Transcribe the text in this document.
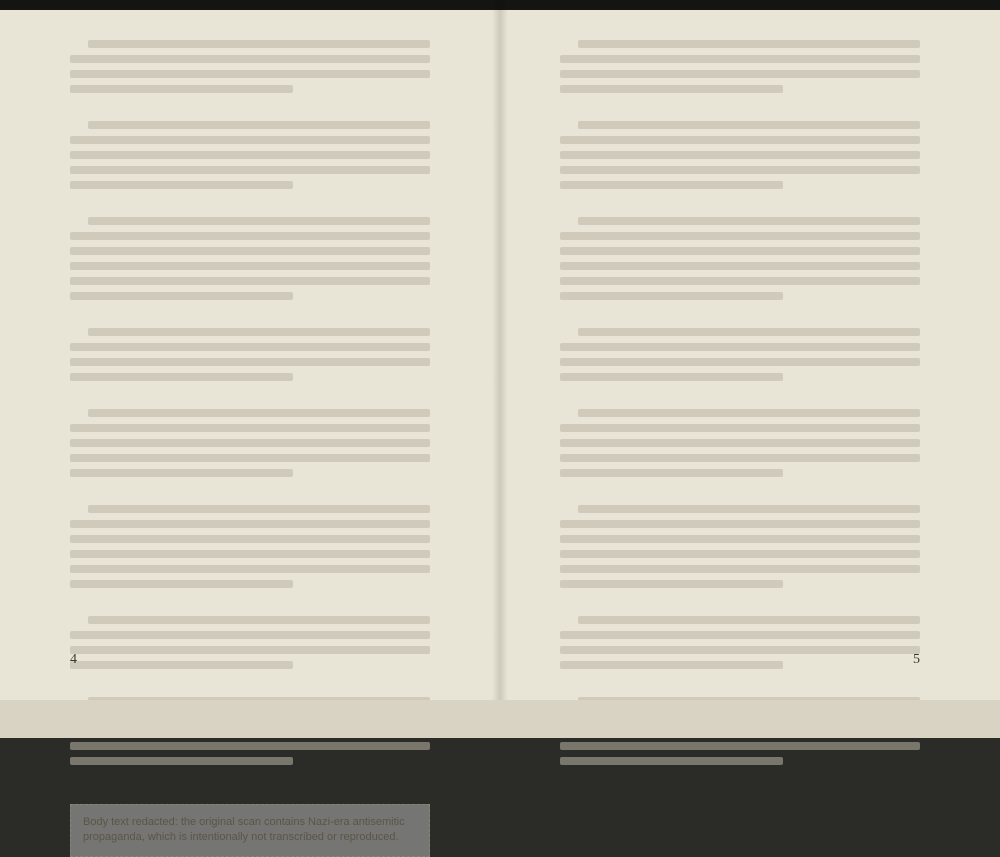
Body text redacted: the original scan contains Nazi-era antisemitic propaganda, which is intentionally not transcribed or reproduced.
4	5
